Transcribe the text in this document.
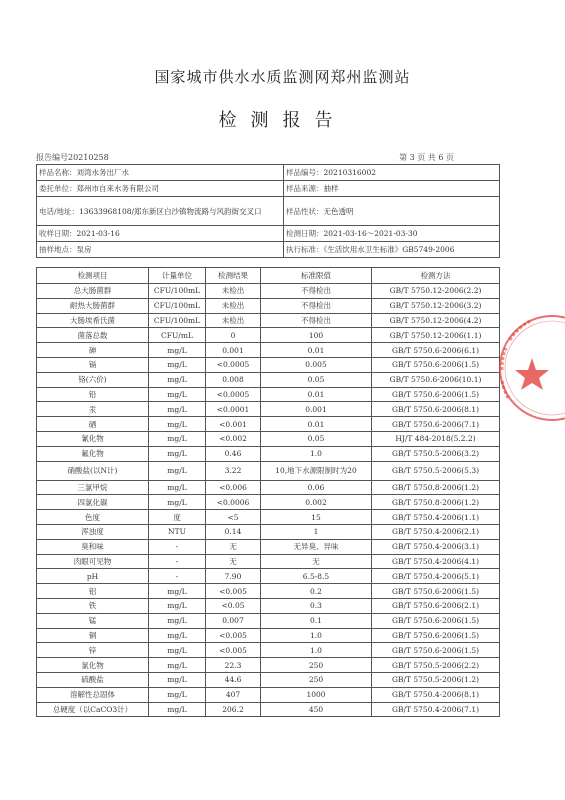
国家城市供水水质监测网郑州监测站
检测报告
报告编号20210258	第 3 页 共 6 页
样品名称：刘湾水务出厂水	样品编号：20210316002
委托单位：郑州市自来水务有限公司	样品来源：抽样
电话/地址：13633968108/郑东新区白沙镇物流路与风韵街交叉口	样品性状：无色透明
收样日期：2021-03-16	检测日期：2021-03-16～2021-03-30
抽样地点：泵房	执行标准：《生活饮用水卫生标准》GB5749-2006
检测项目	计量单位	检测结果	标准限值	检测方法
总大肠菌群	CFU/100mL	未检出	不得检出	GB/T 5750.12-2006(2.2)
耐热大肠菌群	CFU/100mL	未检出	不得检出	GB/T 5750.12-2006(3.2)
大肠埃希氏菌	CFU/100mL	未检出	不得检出	GB/T 5750.12-2006(4.2)
菌落总数	CFU/mL	0	100	GB/T 5750.12-2006(1.1)
砷	mg/L	0.001	0.01	GB/T 5750.6-2006(6.1)
镉	mg/L	<0.0005	0.005	GB/T 5750.6-2006(1.5)
铬(六价)	mg/L	0.008	0.05	GB/T 5750.6-2006(10.1)
铅	mg/L	<0.0005	0.01	GB/T 5750.6-2006(1.5)
汞	mg/L	<0.0001	0.001	GB/T 5750.6-2006(8.1)
硒	mg/L	<0.001	0.01	GB/T 5750.6-2006(7.1)
氰化物	mg/L	<0.002	0.05	HJ/T 484-2018(5.2.2)
氟化物	mg/L	0.46	1.0	GB/T 5750.5-2006(3.2)
硝酸盐(以N计)	mg/L	3.22	10,地下水源限制时为20	GB/T 5750.5-2006(5.3)
三氯甲烷	mg/L	<0.006	0.06	GB/T 5750.8-2006(1.2)
四氯化碳	mg/L	<0.0006	0.002	GB/T 5750.8-2006(1.2)
色度	度	<5	15	GB/T 5750.4-2006(1.1)
浑浊度	NTU	0.14	1	GB/T 5750.4-2006(2.1)
臭和味	-	无	无异臭、异味	GB/T 5750.4-2006(3.1)
肉眼可见物	-	无	无	GB/T 5750.4-2006(4.1)
pH	-	7.90	6.5-8.5	GB/T 5750.4-2006(5.1)
铝	mg/L	<0.005	0.2	GB/T 5750.6-2006(1.5)
铁	mg/L	<0.05	0.3	GB/T 5750.6-2006(2.1)
锰	mg/L	0.007	0.1	GB/T 5750.6-2006(1.5)
铜	mg/L	<0.005	1.0	GB/T 5750.6-2006(1.5)
锌	mg/L	<0.005	1.0	GB/T 5750.6-2006(1.5)
氯化物	mg/L	22.3	250	GB/T 5750.5-2006(2.2)
硫酸盐	mg/L	44.6	250	GB/T 5750.5-2006(1.2)
溶解性总固体	mg/L	407	1000	GB/T 5750.4-2006(8.1)
总硬度（以CaCO3计）	mg/L	206.2	450	GB/T 5750.4-2006(7.1)
